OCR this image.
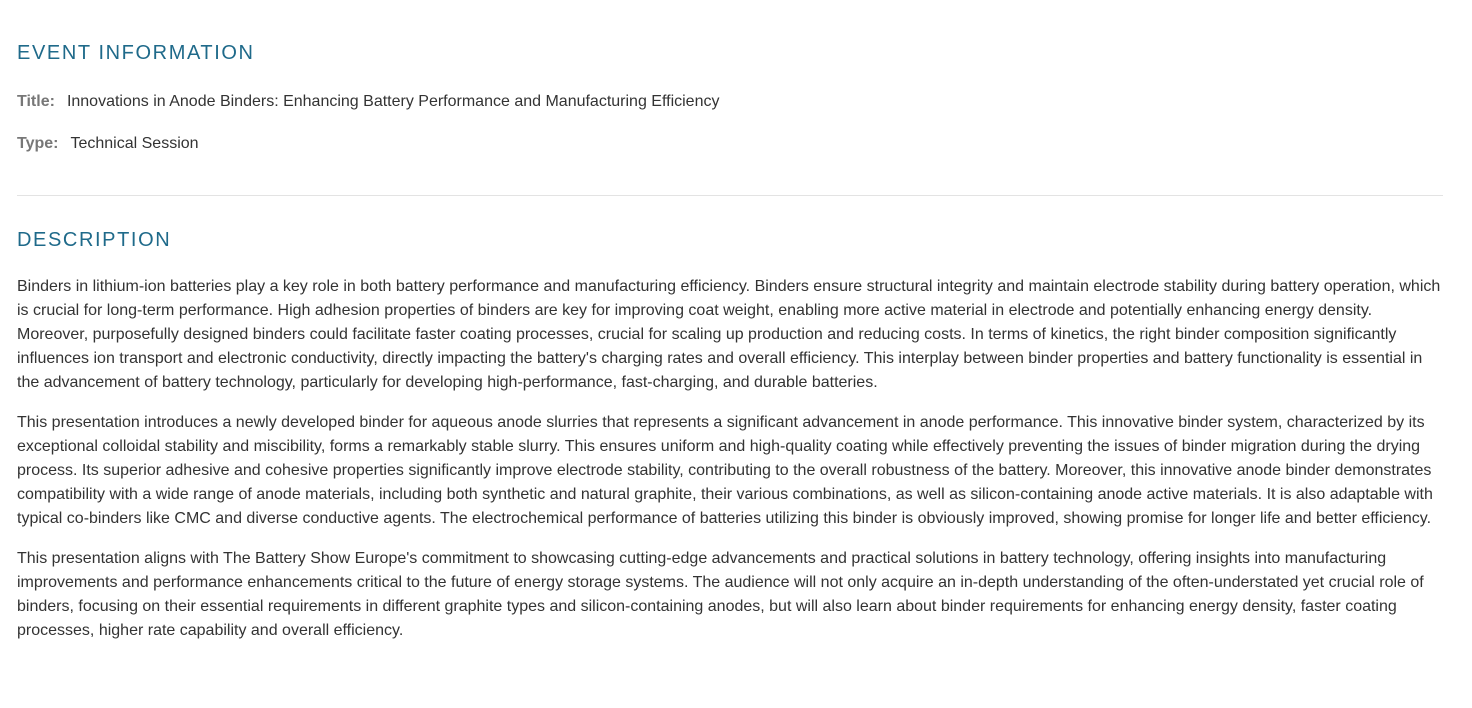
EVENT INFORMATION
Title: Innovations in Anode Binders: Enhancing Battery Performance and Manufacturing Efficiency
Type: Technical Session
DESCRIPTION

Binders in lithium-ion batteries play a key role in both battery performance and manufacturing efficiency. Binders ensure structural integrity and maintain electrode stability during battery operation, which is crucial for long-term performance. High adhesion properties of binders are key for improving coat weight, enabling more active material in electrode and potentially enhancing energy density. Moreover, purposefully designed binders could facilitate faster coating processes, crucial for scaling up production and reducing costs. In terms of kinetics, the right binder composition significantly influences ion transport and electronic conductivity, directly impacting the battery's charging rates and overall efficiency. This interplay between binder properties and battery functionality is essential in the advancement of battery technology, particularly for developing high-performance, fast-charging, and durable batteries.

This presentation introduces a newly developed binder for aqueous anode slurries that represents a significant advancement in anode performance. This innovative binder system, characterized by its exceptional colloidal stability and miscibility, forms a remarkably stable slurry. This ensures uniform and high-quality coating while effectively preventing the issues of binder migration during the drying process. Its superior adhesive and cohesive properties significantly improve electrode stability, contributing to the overall robustness of the battery. Moreover, this innovative anode binder demonstrates compatibility with a wide range of anode materials, including both synthetic and natural graphite, their various combinations, as well as silicon-containing anode active materials. It is also adaptable with typical co-binders like CMC and diverse conductive agents. The electrochemical performance of batteries utilizing this binder is obviously improved, showing promise for longer life and better efficiency.

This presentation aligns with The Battery Show Europe's commitment to showcasing cutting-edge advancements and practical solutions in battery technology, offering insights into manufacturing improvements and performance enhancements critical to the future of energy storage systems. The audience will not only acquire an in-depth understanding of the often-understated yet crucial role of binders, focusing on their essential requirements in different graphite types and silicon-containing anodes, but will also learn about binder requirements for enhancing energy density, faster coating processes, higher rate capability and overall efficiency.
